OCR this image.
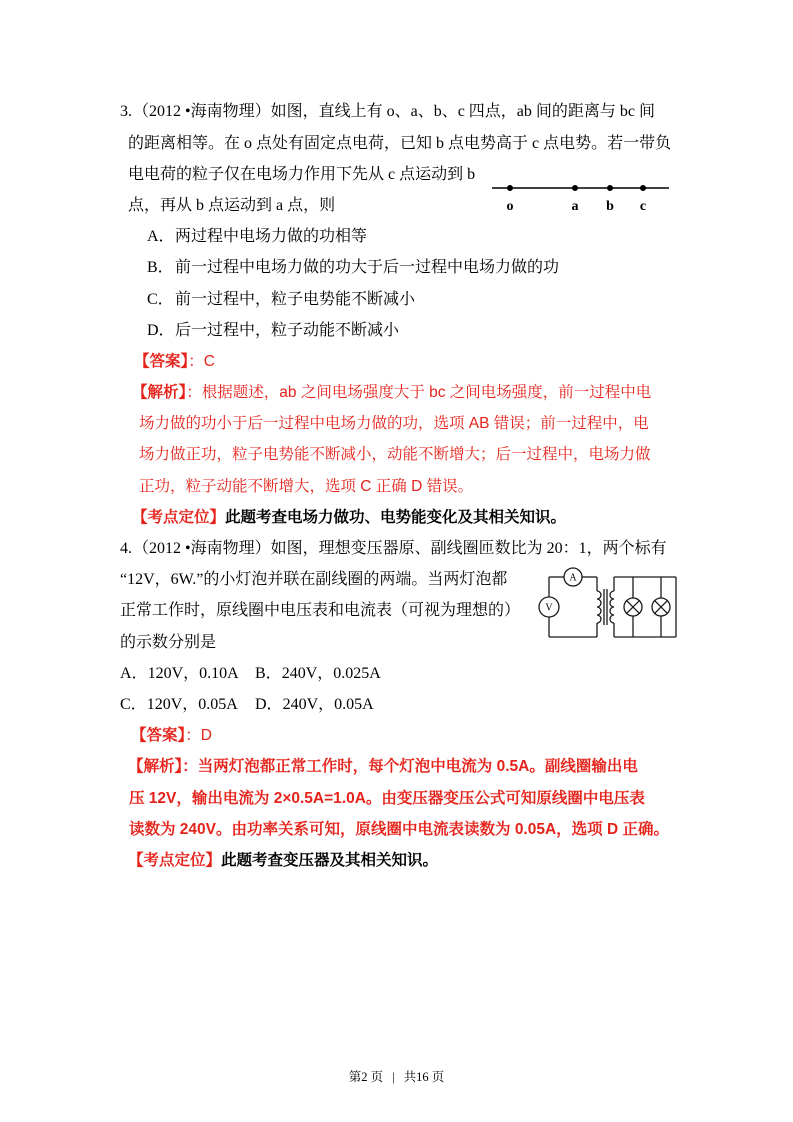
3.（2012 •海南物理）如图，直线上有 o、a、b、c 四点，ab 间的距离与 bc 间
的距离相等。在 o 点处有固定点电荷，已知 b 点电势高于 c 点电势。若一带负
电电荷的粒子仅在电场力作用下先从 c 点运动到 b
点，再从 b 点运动到 a 点，则
A．两过程中电场力做的功相等
B．前一过程中电场力做的功大于后一过程中电场力做的功
C．前一过程中，粒子电势能不断减小
D．后一过程中，粒子动能不断减小
【答案】：C
【解析】：根据题述，ab 之间电场强度大于 bc 之间电场强度，前一过程中电
场力做的功小于后一过程中电场力做的功，选项 AB 错误；前一过程中，电
场力做正功，粒子电势能不断减小，动能不断增大；后一过程中，电场力做
正功，粒子动能不断增大，选项 C 正确 D 错误。
【考点定位】此题考查电场力做功、电势能变化及其相关知识。
4.（2012 •海南物理）如图，理想变压器原、副线圈匝数比为 20：1，两个标有
“12V，6W.”的小灯泡并联在副线圈的两端。当两灯泡都
正常工作时，原线圈中电压表和电流表（可视为理想的）
的示数分别是
A．120V，0.10A B．240V，0.025A
C．120V，0.05A D．240V，0.05A
【答案】：D
【解析】：当两灯泡都正常工作时，每个灯泡中电流为 0.5A。副线圈输出电
压 12V，输出电流为 2×0.5A=1.0A。由变压器变压公式可知原线圈中电压表
读数为 240V。由功率关系可知，原线圈中电流表读数为 0.05A，选项 D 正确。
【考点定位】此题考查变压器及其相关知识。
o	a b c
A
V
第2 页 | 共16 页
